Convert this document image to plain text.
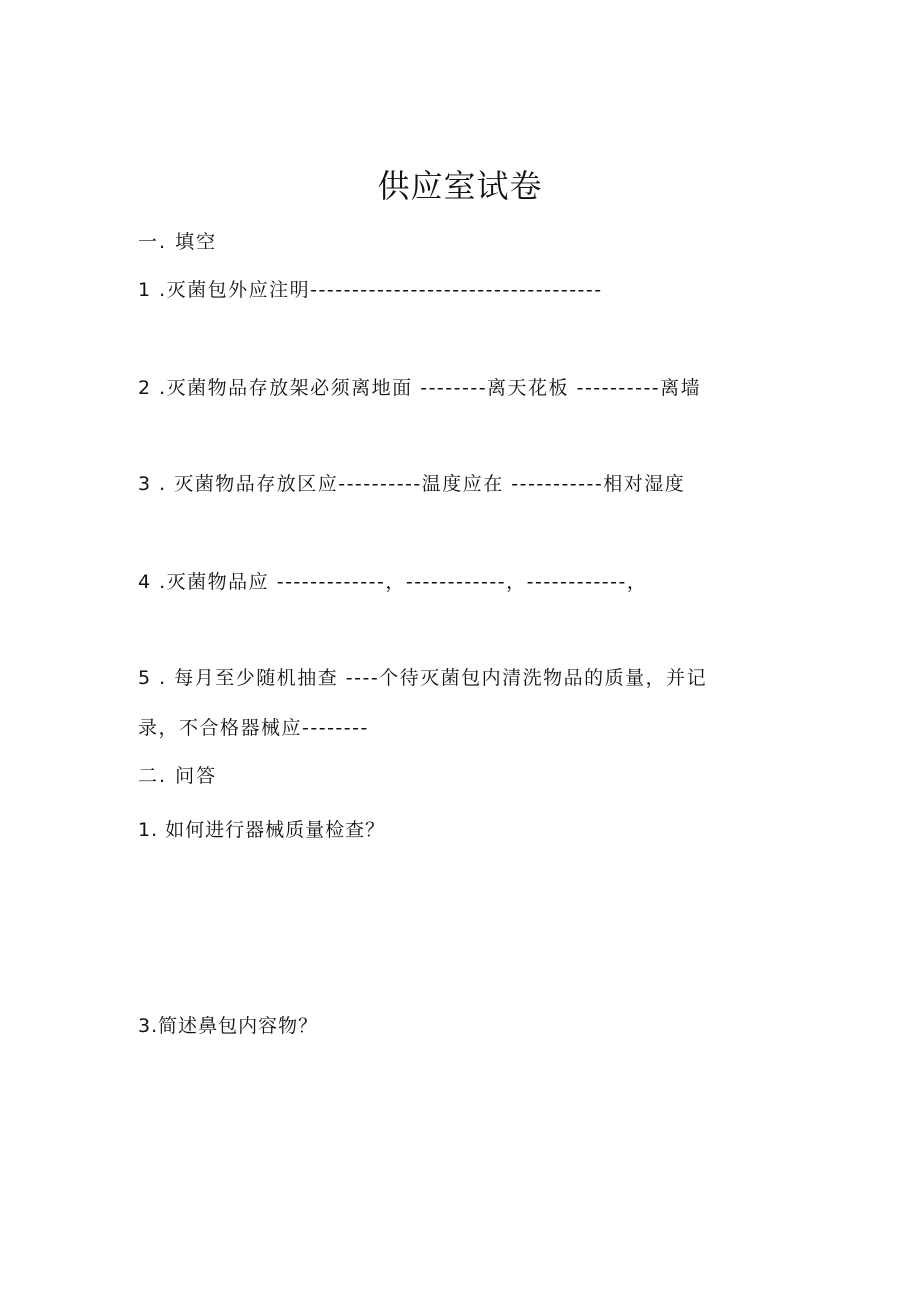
供应室试卷
一. 填空
1 .灭菌包外应注明-----------------------------------
2 .灭菌物品存放架必须离地面 --------离天花板 ----------离墙
3 . 灭菌物品存放区应----------温度应在 -----------相对湿度
4 .灭菌物品应 -------------，------------，------------，
5 . 每月至少随机抽查 ----个待灭菌包内清洗物品的质量，并记
录，不合格器械应--------
二. 问答
1. 如何进行器械质量检查？
3.简述鼻包内容物？
